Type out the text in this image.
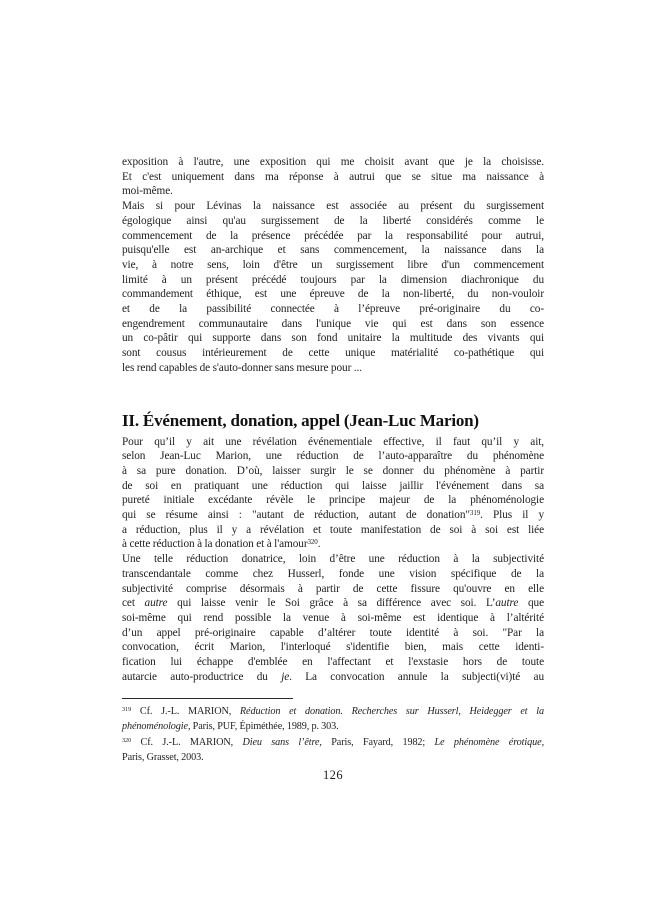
exposition à l'autre, une exposition qui me choisit avant que je la choisisse.
Et c'est uniquement dans ma réponse à autrui que se situe ma naissance à
moi-même.
Mais si pour Lévinas la naissance est associée au présent du surgissement
égologique ainsi qu'au surgissement de la liberté considérés comme le
commencement de la présence précédée par la responsabilité pour autrui,
puisqu'elle est an-archique et sans commencement, la naissance dans la
vie, à notre sens, loin d'être un surgissement libre d'un commencement
limité à un présent précédé toujours par la dimension diachronique du
commandement éthique, est une épreuve de la non-liberté, du non-vouloir
et de la passibilité connectée à l’épreuve pré-originaire du co-
engendrement communautaire dans l'unique vie qui est dans son essence
un co-pâtir qui supporte dans son fond unitaire la multitude des vivants qui
sont cousus intérieurement de cette unique matérialité co-pathétique qui
les rend capables de s'auto-donner sans mesure pour ...
II. Événement, donation, appel (Jean-Luc Marion)
Pour qu’il y ait une révélation événementiale effective, il faut qu’il y ait,
selon Jean-Luc Marion, une réduction de l’auto-apparaître du phénomène
à sa pure donation. D’où, laisser surgir le se donner du phénomène à partir
de soi en pratiquant une réduction qui laisse jaillir l'événement dans sa
pureté initiale excédante révèle le principe majeur de la phénoménologie
qui se résume ainsi : "autant de réduction, autant de donation"$^{319}$. Plus il y
a réduction, plus il y a révélation et toute manifestation de soi à soi est liée
à cette réduction à la donation et à l'amour$^{320}$.
Une telle réduction donatrice, loin d’être une réduction à la subjectivité
transcendantale comme chez Husserl, fonde une vision spécifique de la
subjectivité comprise désormais à partir de cette fissure qu'ouvre en elle
cet autre qui laisse venir le Soi grâce à sa différence avec soi. L’autre que
soi-même qui rend possible la venue à soi-même est identique à l’altérité
d’un appel pré-originaire capable d’altérer toute identité à soi. "Par la
convocation, écrit Marion, l'interloqué s'identifie bien, mais cette identi-
fication lui échappe d'emblée en l'affectant et l'exstasie hors de toute
autarcie auto-productrice du je. La convocation annule la subjecti(vi)té au
$^{319}$ Cf. J.-L. MARION, Réduction et donation. Recherches sur Husserl, Heidegger et la
phénoménologie, Paris, PUF, Épiméthée, 1989, p. 303.
$^{320}$ Cf. J.-L. MARION, Dieu sans l’être, Paris, Fayard, 1982; Le phénomène érotique,
Paris, Grasset, 2003.
126
